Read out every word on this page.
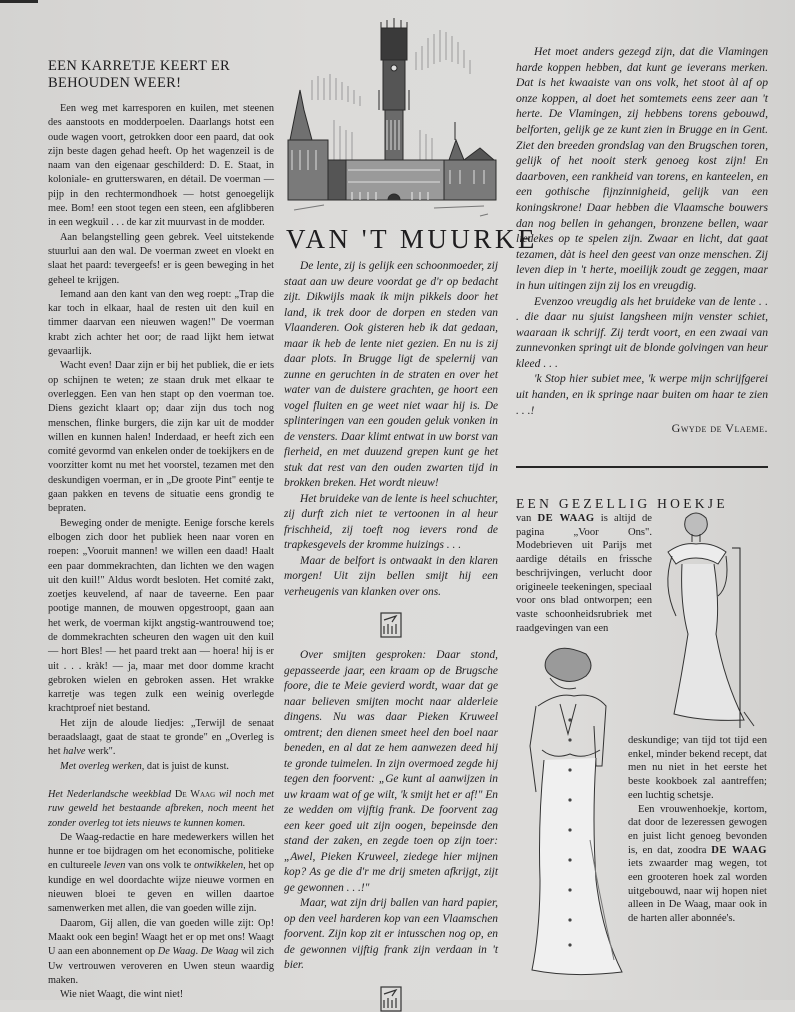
EEN KARRETJE KEERT ER BEHOUDEN WEER!

Een weg met karresporen en kuilen, met steenen des aanstoots en modderpoelen. Daarlangs hotst een oude wagen voort, getrokken door een paard, dat ook zijn beste dagen gehad heeft. Op het wagenzeil is de naam van den eigenaar geschilderd: D. E. Staat, in koloniale- en grutterswaren, en détail. De voerman — pijp in den rechtermondhoek — hotst genoegelijk mee. Bom! een stoot tegen een steen, een afglibberen in een wegkuil . . . de kar zit muurvast in de modder.

Aan belangstelling geen gebrek. Veel uitstekende stuurlui aan den wal. De voerman zweet en vloekt en slaat het paard: tevergeefs! er is geen beweging in het geheel te krijgen.

Iemand aan den kant van den weg roept: „Trap die kar toch in elkaar, haal de resten uit den kuil en timmer daarvan een nieuwen wagen!" De voerman krabt zich achter het oor; de raad lijkt hem ietwat gevaarlijk.

Wacht even! Daar zijn er bij het publiek, die er iets op schijnen te weten; ze staan druk met elkaar te overleggen. Een van hen stapt op den voerman toe. Diens gezicht klaart op; daar zijn dus toch nog menschen, flinke burgers, die zijn kar uit de modder willen en kunnen halen! Inderdaad, er heeft zich een comité gevormd van enkelen onder de toekijkers en de voorzitter komt nu met het voorstel, tezamen met den deskundigen voerman, er in „De groote Pint" eentje te gaan pakken en tevens de situatie eens grondig te bepraten.

Beweging onder de menigte. Eenige forsche kerels elbogen zich door het publiek heen naar voren en roepen: „Vooruit mannen! we willen een daad! Haalt een paar dommekrachten, dan lichten we den wagen uit den kuil!" Aldus wordt besloten. Het comité zakt, zoetjes keuvelend, af naar de taveerne. Een paar pootige mannen, de mouwen opgestroopt, gaan aan het werk, de voerman kijkt angstig-wantrouwend toe; de dommekrachten scheuren den wagen uit den kuil — hort Bles! — het paard trekt aan — hoera! hij is er uit . . . kràk! — ja, maar met door domme kracht gebroken wielen en gebroken assen. Het wrakke karretje was tegen zulk een weinig overlegde krachtproef niet bestand.

Het zijn de aloude liedjes: „Terwijl de senaat beraadslaagt, gaat de staat te gronde" en „Overleg is het halve werk".

Met overleg werken, dat is juist de kunst.

Het Nederlandsche weekblad De Waag wil noch met ruw geweld het bestaande afbreken, noch meent het zonder overleg tot iets nieuws te kunnen komen.

De Waag-redactie en hare medewerkers willen het hunne er toe bijdragen om het economische, politieke en cultureele leven van ons volk te ontwikkelen, het op kundige en wel doordachte wijze nieuwe vormen en nieuwen bloei te geven en willen daartoe samenwerken met allen, die van goeden wille zijn.

Daarom, Gij allen, die van goeden wille zijt: Op! Maakt ook een begin! Waagt het er op met ons! Waagt U aan een abonnement op De Waag. De Waag wil zich Uw vertrouwen veroveren en Uwen steun waardig maken.

Wie niet Waagt, die wint niet!

VAN 'T MUURKE

De lente, zij is gelijk een schoonmoeder, zij staat aan uw deure voordat ge d'r op bedacht zijt. Dikwijls maak ik mijn pikkels door het land, ik trek door de dorpen en steden van Vlaanderen. Ook gisteren heb ik dat gedaan, maar ik heb de lente niet gezien. En nu is zij daar plots. In Brugge ligt de spelernij van zunne en geruchten in de straten en over het water van de duistere grachten, ge hoort een vogel fluiten en ge weet niet waar hij is. De splinteringen van een gouden geluk vonken in de vensters. Daar klimt entwat in uw borst van fierheid, en met duuzend grepen kunt ge het stuk dat rest van den ouden zwarten tijd in brokken breken. Het wordt nieuw!

Het bruideke van de lente is heel schuchter, zij durft zich niet te vertoonen in al heur frischheid, zij toeft nog ievers rond de trapkesgevels der kromme huizings . . .

Maar de belfort is ontwaakt in den klaren morgen! Uit zijn bellen smijt hij een verheugenis van klanken over ons.

Over smijten gesproken: Daar stond, gepasseerde jaar, een kraam op de Brugsche foore, die te Meie gevierd wordt, waar dat ge naar believen smijten mocht naar alderleie dingens. Nu was daar Pieken Kruweel omtrent; den dienen smeet heel den boel naar beneden, en al dat ze hem aanwezen deed hij te gronde tuimelen. In zijn overmoed zegde hij tegen den foorvent: „Ge kunt al aanwijzen in uw kraam wat of ge wilt, 'k smijt het er af!" En ze wedden om vijftig frank. De foorvent zag een keer goed uit zijn oogen, bepeinsde den stand der zaken, en zegde toen op zijn toer: „Awel, Pieken Kruweel, ziedege hier mijnen kop? As ge die d'r me drij smeten afkrijgt, zijt ge gewonnen . . .!"

Maar, wat zijn drij ballen van hard papier, op den veel harderen kop van een Vlaamschen foorvent. Zijn kop zit er intusschen nog op, en de gewonnen vijftig frank zijn verdaan in 't bier.

Het moet anders gezegd zijn, dat die Vlamingen harde koppen hebben, dat kunt ge ieverans merken. Dat is het kwaaiste van ons volk, het stoot àl af op onze koppen, al doet het somtemets eens zeer aan 't herte. De Vlamingen, zij hebbens torens gebouwd, belforten, gelijk ge ze kunt zien in Brugge en in Gent. Ziet den breeden grondslag van den Brugschen toren, gelijk of het nooit sterk genoeg kost zijn! En daarboven, een rankheid van torens, en kanteelen, en een gothische fijnzinnigheid, gelijk van een koningskrone! Daar hebben die Vlaamsche bouwers dan nog bellen in gehangen, bronzene bellen, waar liedekes op te spelen zijn. Zwaar en licht, dat gaat tezamen, dàt is heel den geest van onze menschen. Zij leven diep in 't herte, moeilijk zoudt ge zeggen, maar in hun uitingen zijn zij los en vreugdig.

Evenzoo vreugdig als het bruideke van de lente . . . die daar nu sjuist langsheen mijn venster schiet, waaraan ik schrijf. Zij terdt voort, en een zwaai van zunnevonken springt uit de blonde golvingen van heur kleed . . .

'k Stop hier subiet mee, 'k werpe mijn schrijfgerei uit handen, en ik springe naar buiten om haar te zien . . .!

Gwyde de Vlaeme.
EEN GEZELLIG HOEKJE
van DE WAAG is altijd de pagina „Voor Ons". Modebrieven uit Parijs met aardige détails en frissche beschrijvingen, verlucht door origineele teekeningen, speciaal voor ons blad ontworpen; een vaste schoonheidsrubriek met raadgevingen van een

deskundige; van tijd tot tijd een enkel, minder bekend recept, dat men nu niet in het eerste het beste kookboek zal aantreffen; een luchtig schetsje.

Een vrouwenhoekje, kortom, dat door de lezeressen gewogen en juist licht genoeg bevonden is, en dat, zoodra DE WAAG iets zwaarder mag wegen, tot een grooteren hoek zal worden uitgebouwd, naar wij hopen niet alleen in De Waag, maar ook in de harten aller abonnée's.
